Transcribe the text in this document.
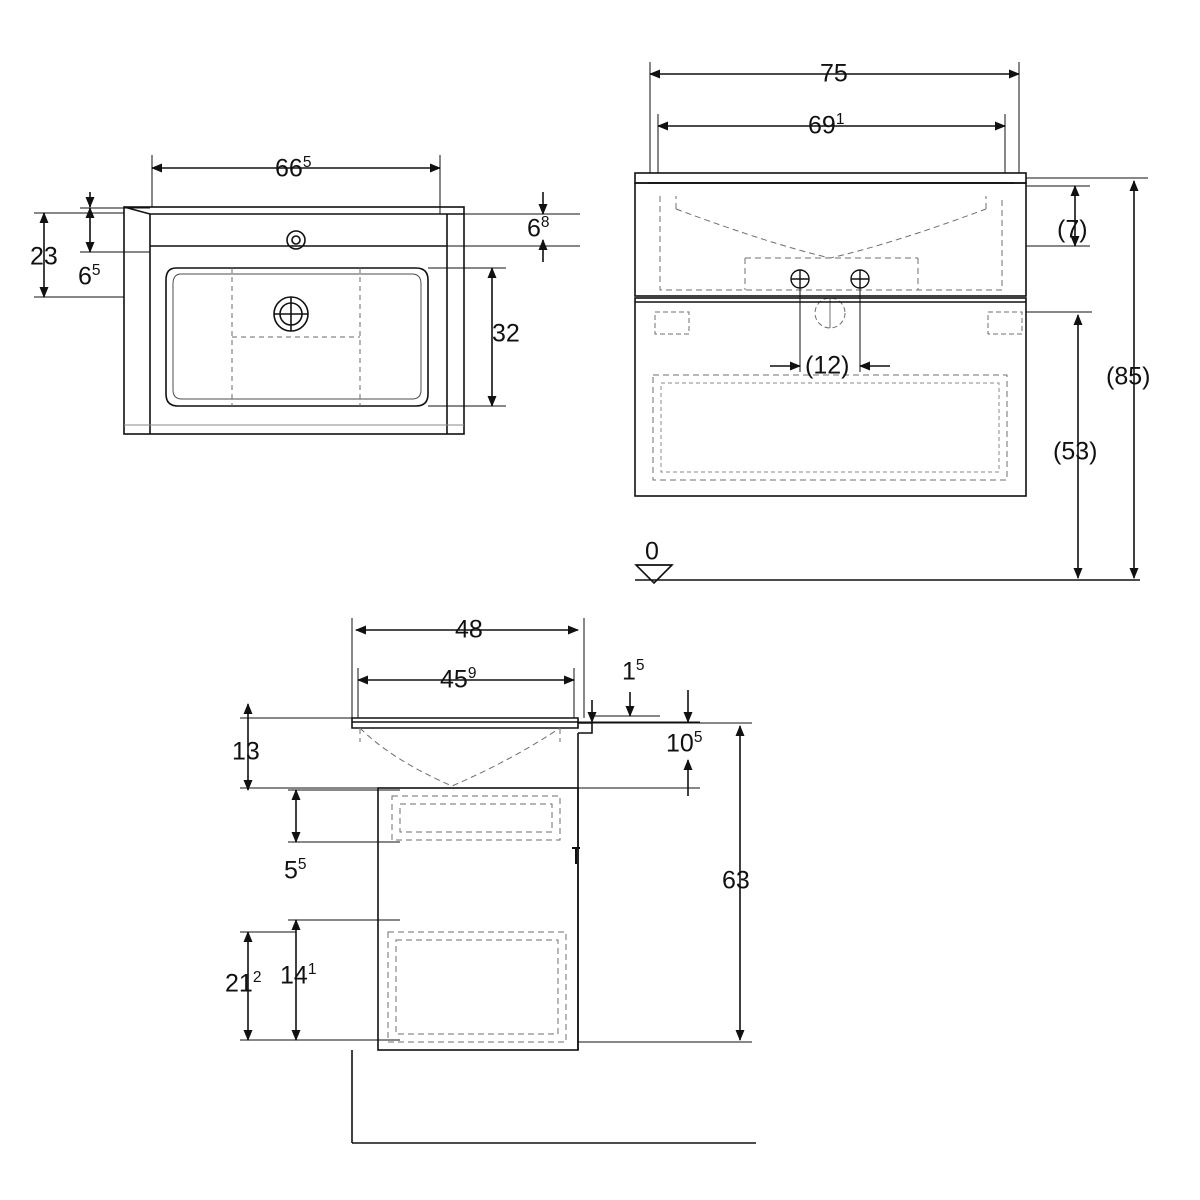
$66^5$
23
$6^5$
$6^8$
32
75
$69^1$
(7)
(12)	(85)
(53)
0
48
$45^9$	$1^5$
13	$10^5$
$5^5$
$14^1$
$21^2$
63
